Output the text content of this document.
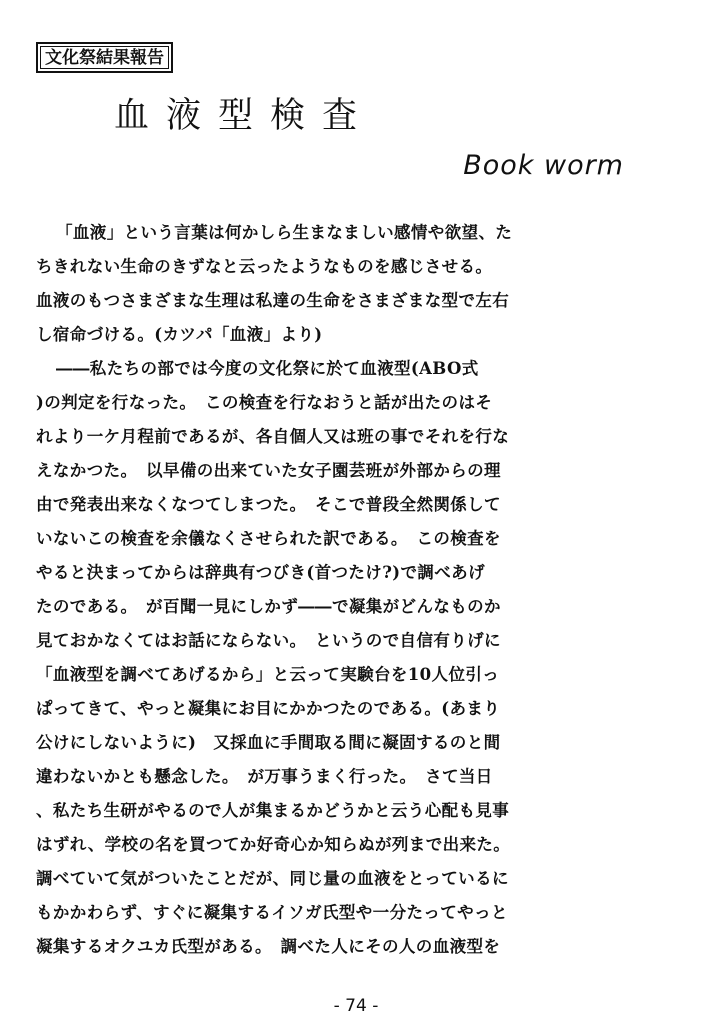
文化祭結果報告
血液型検査
Book worm
「血液」という言葉は何かしら生まなましい感情や欲望、た
ちきれない生命のきずなと云ったようなものを感じさせる。
血液のもつさまざまな生理は私達の生命をさまざまな型で左右
し宿命づける。(カツパ「血液」より)
――私たちの部では今度の文化祭に於て血液型(ABO式
)の判定を行なった。　この検査を行なおうと話が出たのはそ
れより一ケ月程前であるが、各自個人又は班の事でそれを行な
えなかつた。　以早備の出来ていた女子園芸班が外部からの理
由で発表出来なくなつてしまつた。　そこで普段全然関係して
いないこの検査を余儀なくさせられた訳である。　この検査を
やると決まってからは辞典有つびき(首つたけ?)で調べあげ
たのである。　が百聞一見にしかず――で凝集がどんなものか
見ておかなくてはお話にならない。　というので自信有りげに
「血液型を調べてあげるから」と云って実験台を10人位引っ
ぱってきて、やっと凝集にお目にかかつたのである。(あまり
公けにしないように)　又採血に手間取る間に凝固するのと間
違わないかとも懸念した。　が万事うまく行った。　さて当日
、私たち生研がやるので人が集まるかどうかと云う心配も見事
はずれ、学校の名を買つてか好奇心か知らぬが列まで出来た。
調べていて気がついたことだが、同じ量の血液をとっているに
もかかわらず、すぐに凝集するイソガ氏型や一分たってやっと
凝集するオクユカ氏型がある。　調べた人にその人の血液型を
- 74 -
